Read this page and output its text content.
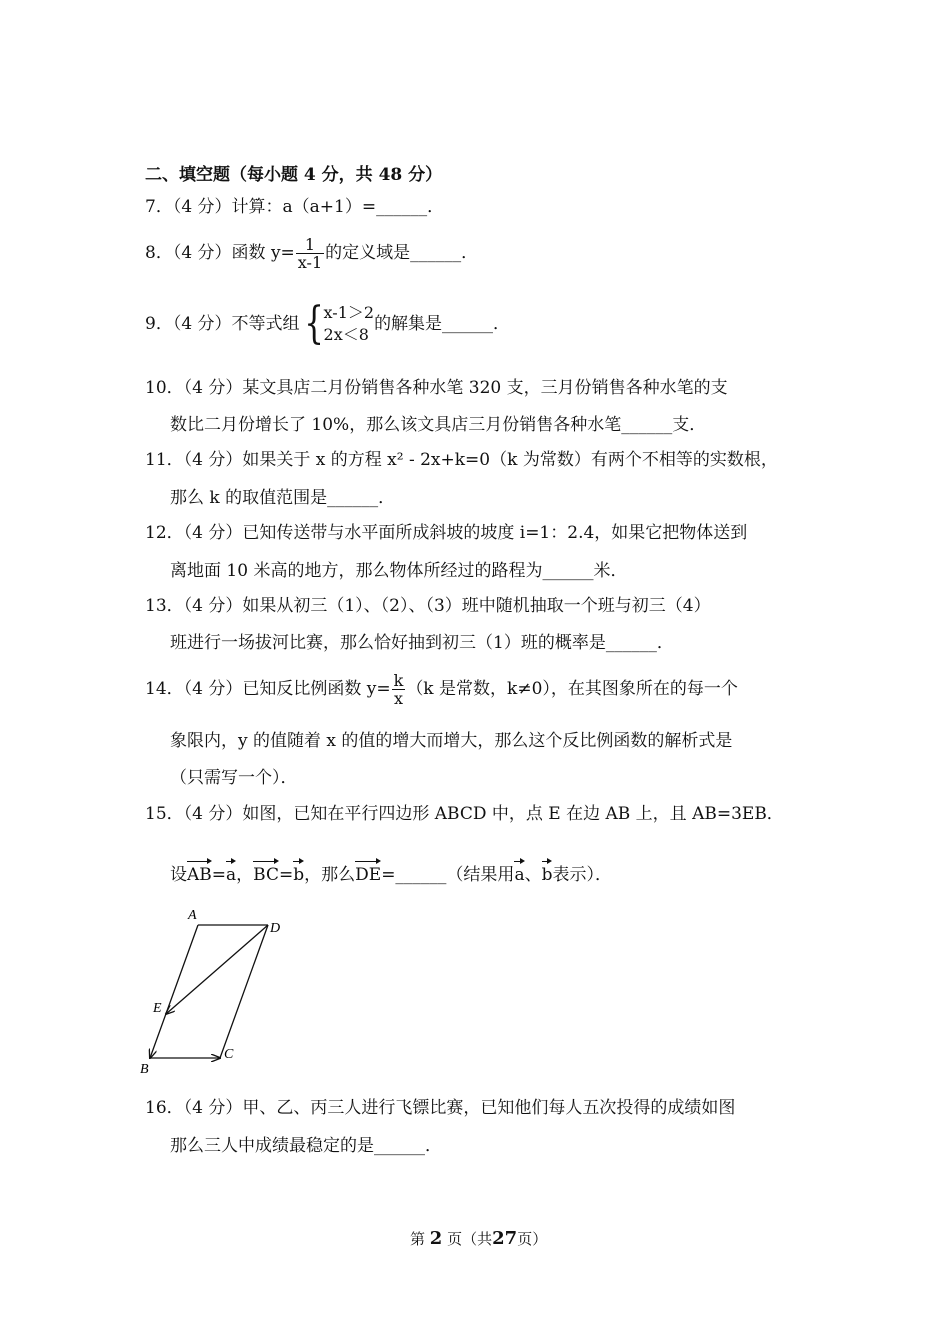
二、填空题（每小题 4 分，共 48 分）
7．（4 分）计算：a（a+1）=______．
8．（4 分）函数 $y= \frac{1}{x-1}$ 的定义域是______．
9．（4 分）不等式组{ x-1＞2
2x＜8
的解集是______．
10．（4 分）某文具店二月份销售各种水笔 320 支，三月份销售各种水笔的支
数比二月份增长了 10%，那么该文具店三月份销售各种水笔______支．
11．（4 分）如果关于 x 的方程 x² - 2x+k=0（k 为常数）有两个不相等的实数根，
那么 k 的取值范围是______．
12．（4 分）已知传送带与水平面所成斜坡的坡度 i=1：2.4，如果它把物体送到
离地面 10 米高的地方，那么物体所经过的路程为______米．
13．（4 分）如果从初三（1）、（2）、（3）班中随机抽取一个班与初三（4）
班进行一场拔河比赛，那么恰好抽到初三（1）班的概率是______．
14．（4 分）已知反比例函数 $y= \frac{k}{x} (k$ 是常数，k≠0），在其图象所在的每一个
象限内，y 的值随着 x 的值的增大而增大，那么这个反比例函数的解析式是
（只需写一个）．
15．（4 分）如图，已知在平行四边形 ABCD 中，点 E 在边 AB 上，且 AB=3EB．
设AB=a，BC=b，那么DE=______（结果用a、b表示）．
A
D
E
B
C
16．（4 分）甲、乙、丙三人进行飞镖比赛，已知他们每人五次投得的成绩如图
那么三人中成绩最稳定的是______．
第 2 页（共27页）
